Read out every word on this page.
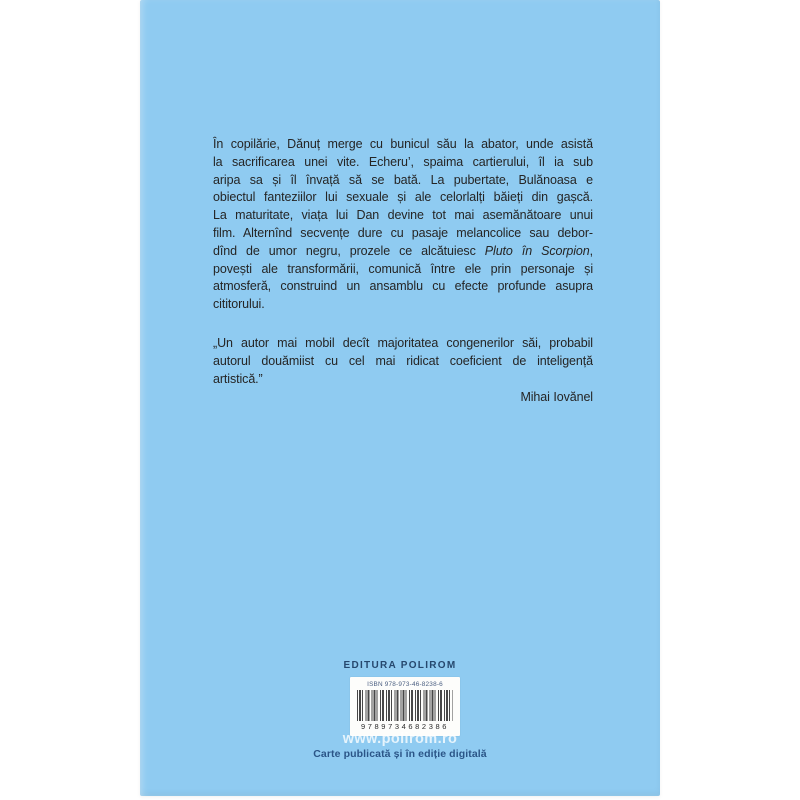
În copilărie, Dănuț merge cu bunicul său la abator, unde asistă
la sacrificarea unei vite. Echeru’, spaima cartierului, îl ia sub
aripa sa și îl învață să se bată. La pubertate, Bulănoasa e
obiectul fanteziilor lui sexuale și ale celorlalți băieți din gașcă.
La maturitate, viața lui Dan devine tot mai asemănătoare unui
film. Alternînd secvențe dure cu pasaje melancolice sau debor-
dînd de umor negru, prozele ce alcătuiesc Pluto în Scorpion,
povești ale transformării, comunică între ele prin personaje și
atmosferă, construind un ansamblu cu efecte profunde asupra
cititorului.
„Un autor mai mobil decît majoritatea congenerilor săi, probabil
autorul douămiist cu cel mai ridicat coeficient de inteligență
artistică.”
Mihai Iovănel
EDITURA POLIROM
ISBN 978-973-46-8238-6
9789734682386
www.polirom.ro
Carte publicată și în ediție digitală
